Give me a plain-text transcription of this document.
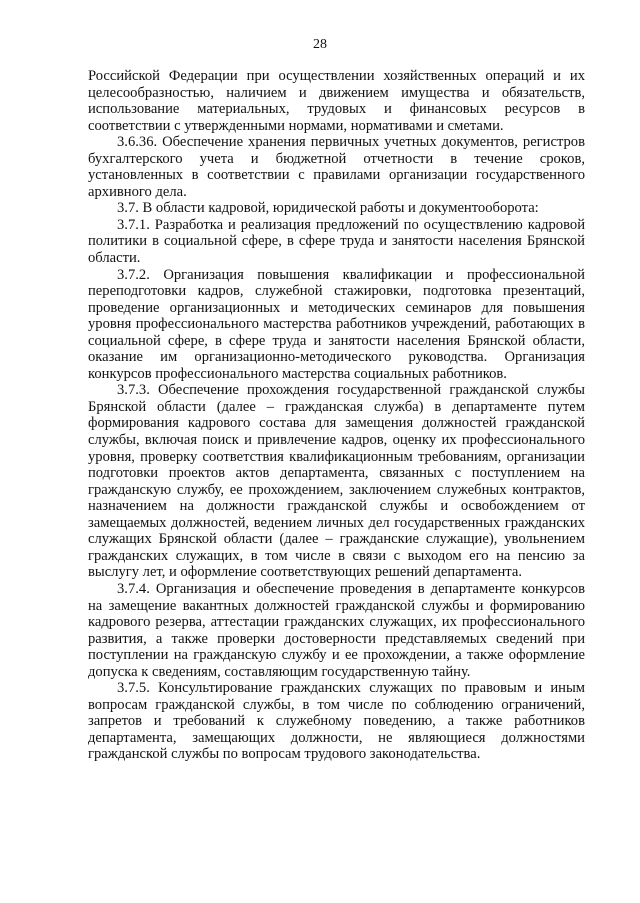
28

Российской Федерации при осуществлении хозяйственных операций и их целесообразностью, наличием и движением имущества и обязательств, использование материальных, трудовых и финансовых ресурсов в соответствии с утвержденными нормами, нормативами и сметами.

3.6.36. Обеспечение хранения первичных учетных документов, регистров бухгалтерского учета и бюджетной отчетности в течение сроков, установленных в соответствии с правилами организации государственного архивного дела.

3.7. В области кадровой, юридической работы и документооборота:

3.7.1. Разработка и реализация предложений по осуществлению кадровой политики в социальной сфере, в сфере труда и занятости населения Брянской области.

3.7.2. Организация повышения квалификации и профессиональной переподготовки кадров, служебной стажировки, подготовка презентаций, проведение организационных и методических семинаров для повышения уровня профессионального мастерства работников учреждений, работающих в социальной сфере, в сфере труда и занятости населения Брянской области, оказание им организационно-методического руководства. Организация конкурсов профессионального мастерства социальных работников.

3.7.3. Обеспечение прохождения государственной гражданской службы Брянской области (далее – гражданская служба) в департаменте путем формирования кадрового состава для замещения должностей гражданской службы, включая поиск и привлечение кадров, оценку их профессионального уровня, проверку соответствия квалификационным требованиям, организации подготовки проектов актов департамента, связанных с поступлением на гражданскую службу, ее прохождением, заключением служебных контрактов, назначением на должности гражданской службы и освобождением от замещаемых должностей, ведением личных дел государственных гражданских служащих Брянской области (далее – гражданские служащие), увольнением гражданских служащих, в том числе в связи с выходом его на пенсию за выслугу лет, и оформление соответствующих решений департамента.

3.7.4. Организация и обеспечение проведения в департаменте конкурсов на замещение вакантных должностей гражданской службы и формированию кадрового резерва, аттестации гражданских служащих, их профессионального развития, а также проверки достоверности представляемых сведений при поступлении на гражданскую службу и ее прохождении, а также оформление допуска к сведениям, составляющим государственную тайну.

3.7.5. Консультирование гражданских служащих по правовым и иным вопросам гражданской службы, в том числе по соблюдению ограничений, запретов и требований к служебному поведению, а также работников департамента, замещающих должности, не являющиеся должностями гражданской службы по вопросам трудового законодательства.
